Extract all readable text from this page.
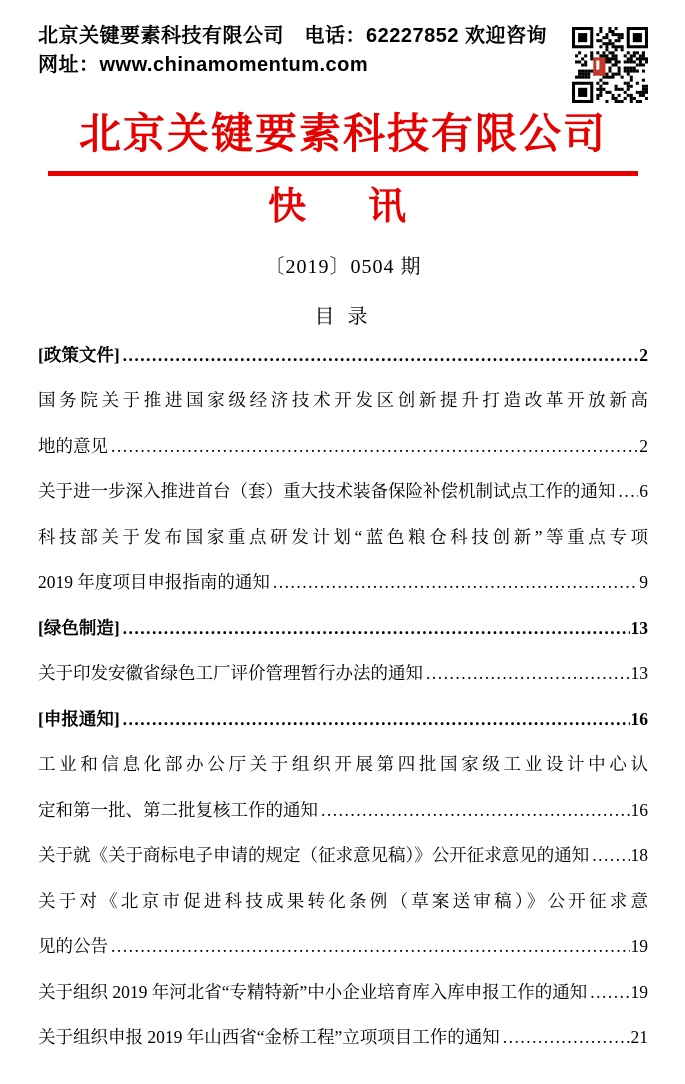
北京关键要素科技有限公司　电话：62227852 欢迎咨询
网址：www.chinamomentum.com
北京关键要素科技有限公司
快　讯
〔2019〕0504 期
目 录
[政策文件] .....	2
国务院关于推进国家级经济技术开发区创新提升打造改革开放新高
地的意见 .....	2
关于进一步深入推进首台（套）重大技术装备保险补偿机制试点工作的通知 ..... 6
科技部关于发布国家重点研发计划“蓝色粮仓科技创新”等重点专项
2019 年度项目申报指南的通知 .....	9
[绿色制造] .....	13
关于印发安徽省绿色工厂评价管理暂行办法的通知 .....	13
[申报通知] .....	16
工业和信息化部办公厅关于组织开展第四批国家级工业设计中心认
定和第一批、第二批复核工作的通知 .....	16
关于就《关于商标电子申请的规定（征求意见稿）》公开征求意见的通知 ..... 18
关于对《北京市促进科技成果转化条例（草案送审稿）》公开征求意
见的公告 .....	19
关于组织 2019 年河北省“专精特新”中小企业培育库入库申报工作的通知 ..... 19
关于组织申报 2019 年山西省“金桥工程”立项项目工作的通知 .....	21
